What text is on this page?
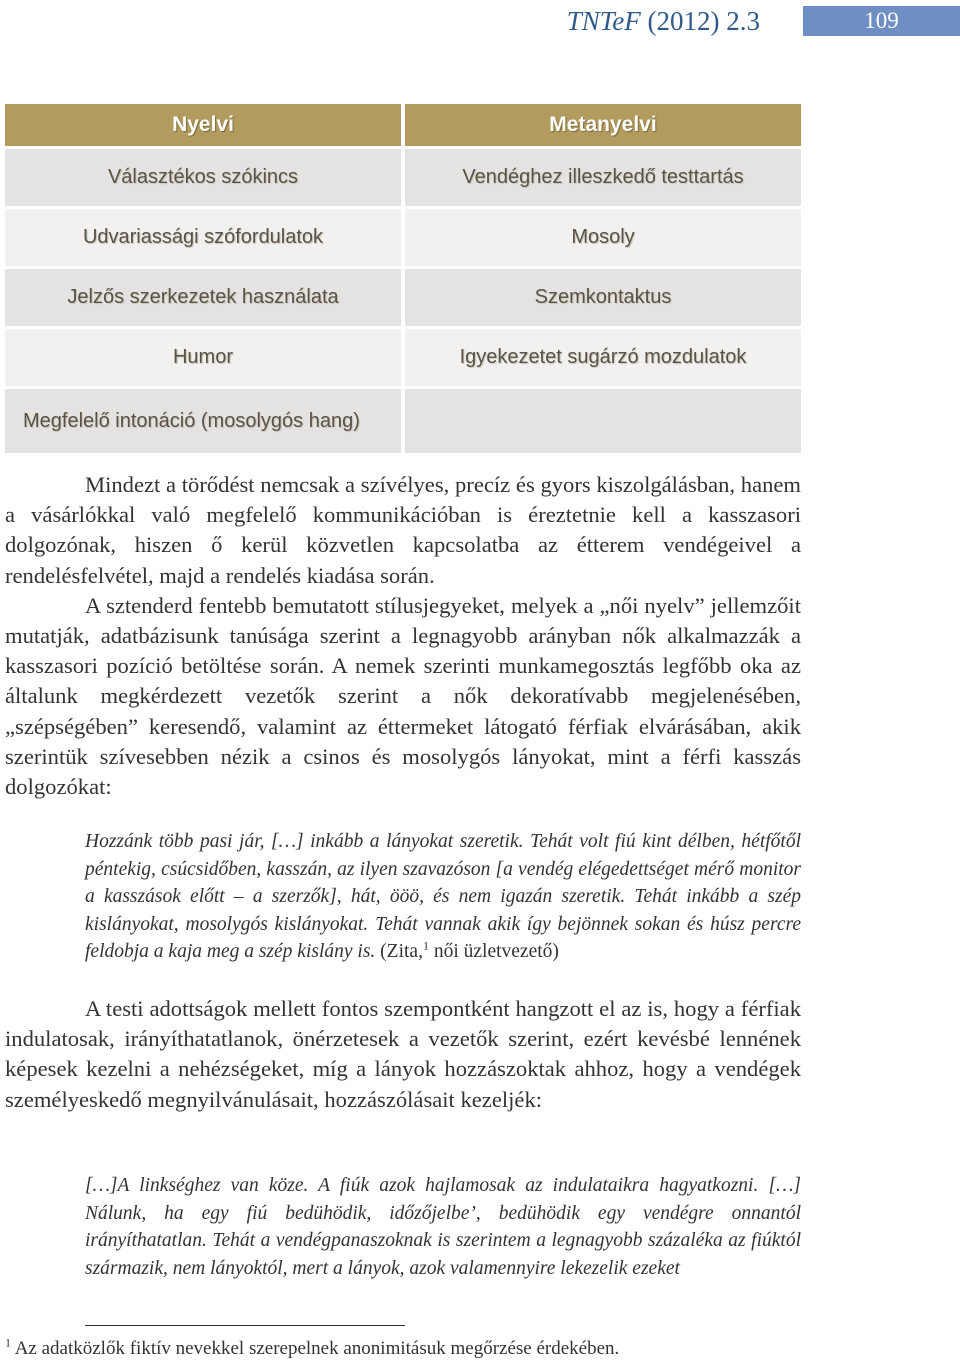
TNTeF (2012) 2.3	109
Nyelvi	Metanyelvi
Választékos szókincs	Vendéghez illeszkedő testtartás
Udvariassági szófordulatok	Mosoly
Jelzős szerkezetek használata	Szemkontaktus
Humor	Igyekezetet sugárzó mozdulatok
Megfelelő intonáció (mosolygós hang)	

Mindezt a törődést nemcsak a szívélyes, precíz és gyors kiszolgálásban, hanem a vásárlókkal való megfelelő kommunikációban is éreztetnie kell a kasszasori dolgozónak, hiszen ő kerül közvetlen kapcsolatba az étterem vendégeivel a rendelésfelvétel, majd a rendelés kiadása során.
A sztenderd fentebb bemutatott stílusjegyeket, melyek a „női nyelv” jellemzőit mutatják, adatbázisunk tanúsága szerint a legnagyobb arányban nők alkalmazzák a kasszasori pozíció betöltése során. A nemek szerinti munkamegosztás legfőbb oka az általunk megkérdezett vezetők szerint a nők dekoratívabb megjelenésében, „szépségében” keresendő, valamint az éttermeket látogató férfiak elvárásában, akik szerintük szívesebben nézik a csinos és mosolygós lányokat, mint a férfi kasszás dolgozókat:

Hozzánk több pasi jár, […] inkább a lányokat szeretik. Tehát volt fiú kint délben, hétfőtől péntekig, csúcsidőben, kasszán, az ilyen szavazóson [a vendég elégedettséget mérő monitor a kasszások előtt – a szerzők], hát, ööö, és nem igazán szeretik. Tehát inkább a szép kislányokat, mosolygós kislányokat. Tehát vannak akik így bejönnek sokan és húsz percre feldobja a kaja meg a szép kislány is. (Zita,$^1$ női üzletvezető)

A testi adottságok mellett fontos szempontként hangzott el az is, hogy a férfiak indulatosak, irányíthatatlanok, önérzetesek a vezetők szerint, ezért kevésbé lennének képesek kezelni a nehézségeket, míg a lányok hozzászoktak ahhoz, hogy a vendégek személyeskedő megnyilvánulásait, hozzászólásait kezeljék:

[…]A linkséghez van köze. A fiúk azok hajlamosak az indulataikra hagyatkozni. […] Nálunk, ha egy fiú bedühödik, időzőjelbe’, bedühödik egy vendégre onnantól irányíthatatlan. Tehát a vendégpanaszoknak is szerintem a legnagyobb százaléka az fiúktól származik, nem lányoktól, mert a lányok, azok valamennyire lekezelik ezeket

$^1$ Az adatközlők fiktív nevekkel szerepelnek anonimitásuk megőrzése érdekében.
